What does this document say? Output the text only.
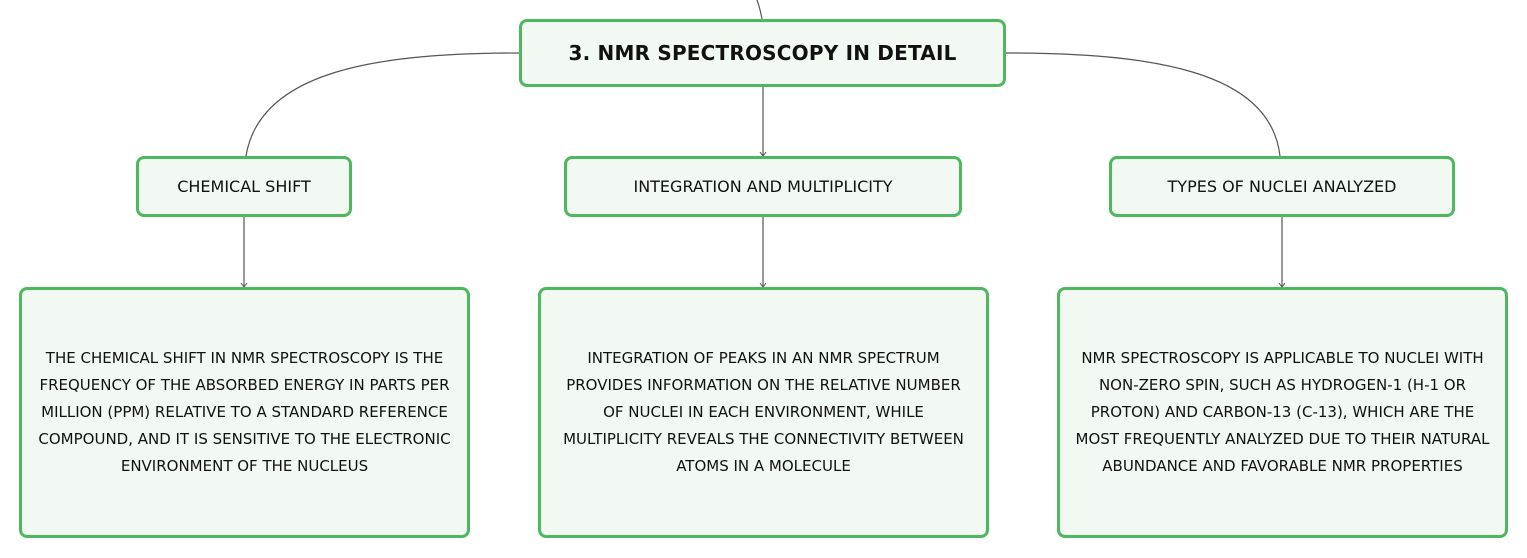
3. NMR SPECTROSCOPY IN DETAIL
CHEMICAL SHIFT	INTEGRATION AND MULTIPLICITY	TYPES OF NUCLEI ANALYZED
THE CHEMICAL SHIFT IN NMR SPECTROSCOPY IS THE FREQUENCY OF THE ABSORBED ENERGY IN PARTS PER MILLION (PPM) RELATIVE TO A STANDARD REFERENCE COMPOUND, AND IT IS SENSITIVE TO THE ELECTRONIC ENVIRONMENT OF THE NUCLEUS
INTEGRATION OF PEAKS IN AN NMR SPECTRUM PROVIDES INFORMATION ON THE RELATIVE NUMBER OF NUCLEI IN EACH ENVIRONMENT, WHILE MULTIPLICITY REVEALS THE CONNECTIVITY BETWEEN ATOMS IN A MOLECULE
NMR SPECTROSCOPY IS APPLICABLE TO NUCLEI WITH NON-ZERO SPIN, SUCH AS HYDROGEN-1 (H-1 OR PROTON) AND CARBON-13 (C-13), WHICH ARE THE MOST FREQUENTLY ANALYZED DUE TO THEIR NATURAL ABUNDANCE AND FAVORABLE NMR PROPERTIES
